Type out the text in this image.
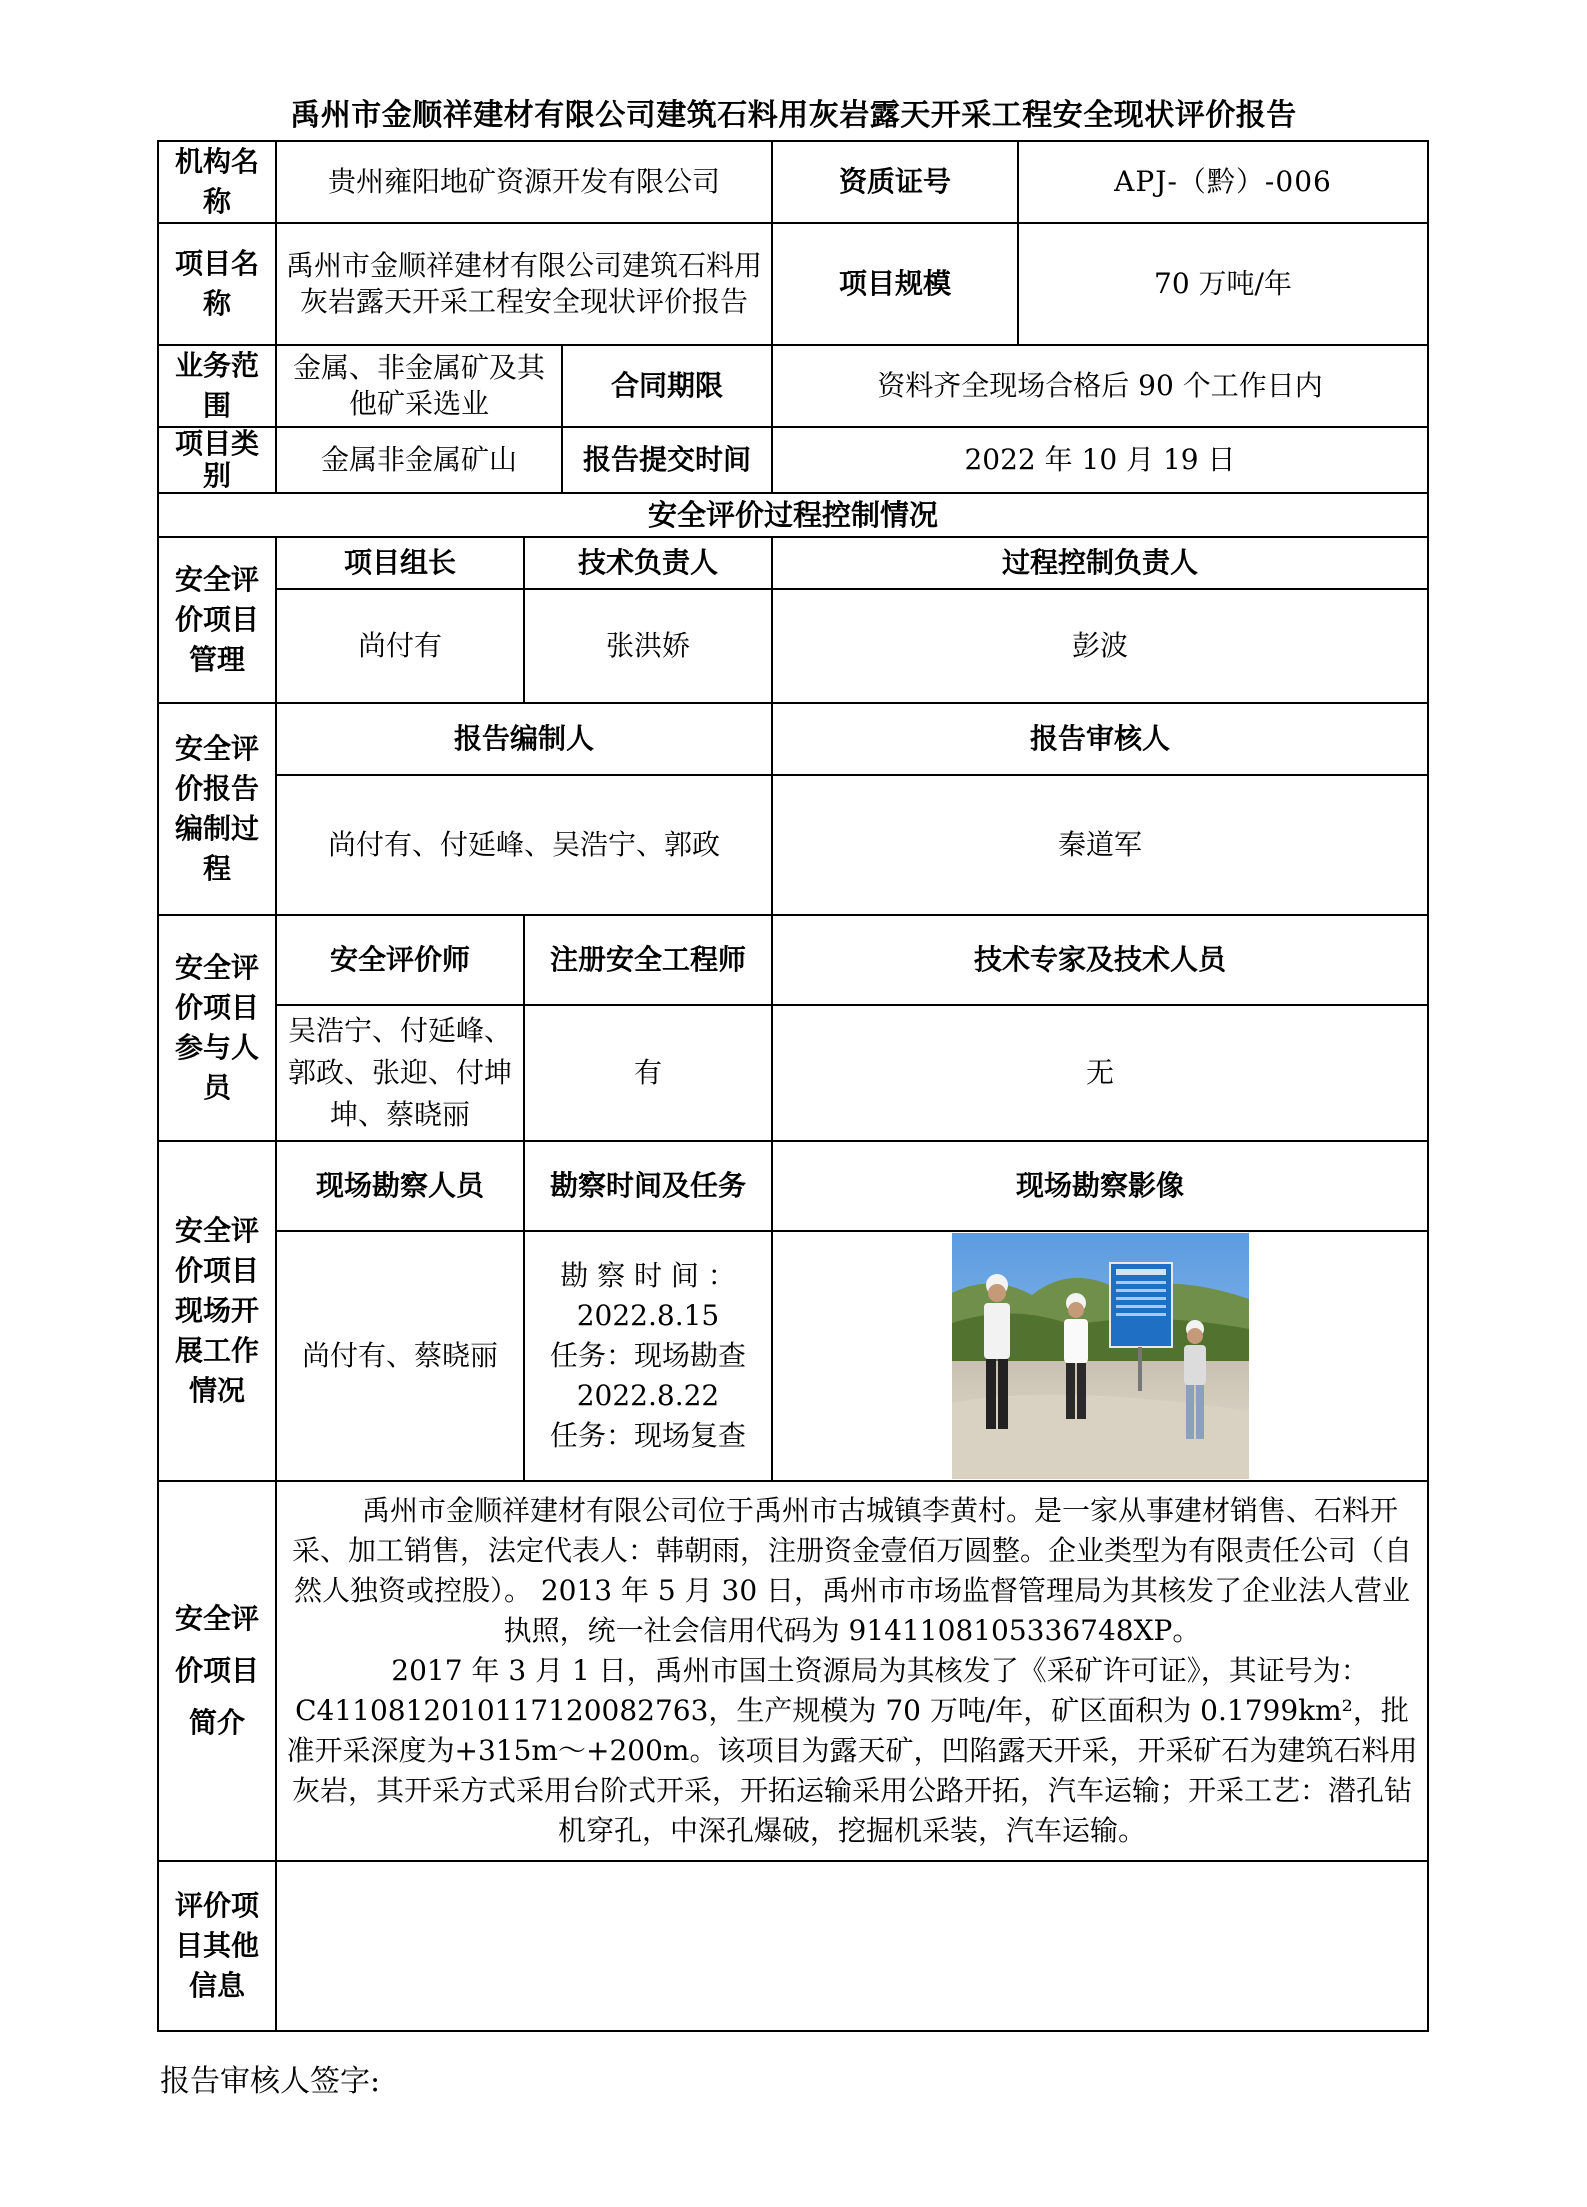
禹州市金顺祥建材有限公司建筑石料用灰岩露天开采工程安全现状评价报告
机构名称	贵州雍阳地矿资源开发有限公司			资质证号	APJ-（黔）-006
项目名称	禹州市金顺祥建材有限公司建筑石料用灰岩露天开采工程安全现状评价报告			项目规模	70 万吨/年
业务范围	金属、非金属矿及其他矿采选业		合同期限	资料齐全现场合格后 90 个工作日内	
项目类别	金属非金属矿山		报告提交时间	2022 年 10 月 19 日	
安全评价过程控制情况					
安全评价项目管理	项目组长	技术负责人		过程控制负责人	
	尚付有	张洪娇		彭波	
安全评价报告编制过程	报告编制人			报告审核人	
	尚付有、付延峰、吴浩宁、郭政			秦道军	
安全评价项目参与人员	安全评价师	注册安全工程师		技术专家及技术人员	
	吴浩宁、付延峰、郭政、张迎、付坤坤、蔡晓丽	有		无	
安全评价项目现场开展工作情况	现场勘察人员	勘察时间及任务		现场勘察影像	
	尚付有、蔡晓丽	勘 察 时 间 ：
2022.8.15
任务：现场勘查
2022.8.22
任务：现场复查

安全评价项目简介	禹州市金顺祥建材有限公司位于禹州市古城镇李黄村。是一家从事建材销售、石料开采、加工销售，法定代表人：韩朝雨，注册资金壹佰万圆整。企业类型为有限责任公司（自然人独资或控股）。 2013 年 5 月 30 日，禹州市市场监督管理局为其核发了企业法人营业执照，统一社会信用代码为 9141108105336748XP。

2017 年 3 月 1 日，禹州市国土资源局为其核发了《采矿许可证》，其证号为：C4110812010117120082763，生产规模为 70 万吨/年，矿区面积为 0.1799km²，批准开采深度为+315m～+200m。该项目为露天矿，凹陷露天开采，开采矿石为建筑石料用灰岩，其开采方式采用台阶式开采，开拓运输采用公路开拓，汽车运输；开采工艺：潜孔钻机穿孔，中深孔爆破，挖掘机采装，汽车运输。				

评价项目其他信息					
报告审核人签字:
